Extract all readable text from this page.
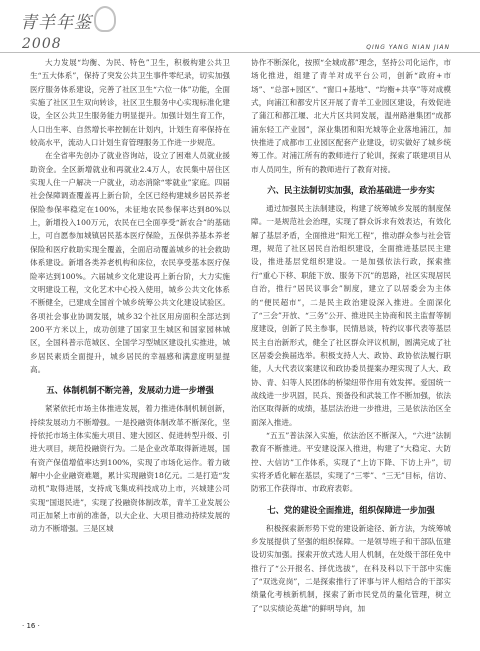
青羊年鉴
2008	QING YANG NIAN JIAN

大力发展“均衡、为民、特色”卫生，积极构建公共卫生“五大体系”，保持了突发公共卫生事件零纪录，切实加强医疗服务体系建设，完善了社区卫生“六位一体”功能，全面实施了社区卫生双向转诊，社区卫生服务中心实现标准化建设，全区公共卫生服务能力明显提升。加强计划生育工作，人口出生率、自然增长率控制在计划内，计划生育率保持在较高水平，流动人口计划生育管理服务工作进一步规范。

在全省率先创办了就业咨询站，设立了困难人员就业援助资金。全区新增就业和再就业2.4万人，农民集中居住区实现人住一户解决一户就业，动态消除“零就业”家庭。四届社会保障调查覆盖再上新台阶，全区已经构建城乡居民养老保险参保率稳定在100%，未征地农民参保率达到80%以上，新增投入100万元，农民在已全面享受“新农合”的基础上，可自愿参加城镇居民基本医疗保险，五保供养基本养老保险和医疗救助实现全覆盖，全面启动覆盖城乡的社会救助体系建设。新增各类养老机构和床位，农民享受基本医疗保险率达到100%。六届城乡文化建设再上新台阶，大力实施文明建设工程，文化艺术中心投入使用，城乡公共文化体系不断健全，已建成全国首个城乡统筹公共文化建设试验区。各项社会事业协调发展，城乡32个社区用房面积全部达到200平方米以上，成功创建了国家卫生城区和国家园林城区，全国科普示范城区、全国学习型城区建设扎实推进，城乡居民素质全面提升，城乡居民的幸福感和满意度明显提高。

五、体制机制不断完善，发展动力进一步增强

紧紧依托市场主体推进发展，着力推进体制机制创新，持续发展动力不断增强。一是投融资体制改革不断深化，坚持依托市场主体实施大项目、建大园区、促进转型升级、引进大项目，规范投融资行为。二是企业改革取得新进展，国有资产保值增值率达到100%，实现了市场化运作。着力破解中小企业融资难题，累计实现融资18亿元。二是打造“发动机”取得进展，支持成飞集成科技成功上市，兴城建公司实现“国退民进”，实现了投融资体制改革，青羊工业发展公司正加紧上市前的准备，以大企业、大项目推动持续发展的动力不断增强。三是区城

协作不断深化，按照“全城成都”理念，坚持公司化运作，市场化推进，组建了青羊对成平台公司，创新“政府+市场”、“总部+园区”、“窗口+基地”、“均衡+共享”等对成模式，向浦江和都安片区开展了青羊工业园区建设，有效促进了蒲江和都江堰、北大片区共同发展，温州路港集团“成都浦东轻工产业园”，深业集团和阳光城等企业落地浦江，加快推进了成都市工业园区配套产业建设，切实做好了城乡统筹工作。对浦江所有的教师进行了轮训，探索了联建项目从市人员同生，所有的教师进行了教育对接。

六、民主法制切实加强，政治基础进一步夯实

通过加强民主法制建设，构建了统筹城乡发展的制度保障。一是规范社会治理，实现了群众诉求有效表达，有效化解了基层矛盾，全面推进“阳光工程”，推动群众参与社会管理，规范了社区居民自治组织建设，全面推进基层民主建设，推进基层党组织建设。一是加强依法行政，探索推行“重心下移、职能下放、服务下沉”的思路，社区实现居民自治，推行“居民议事会”制度，建立了以居委会为主体的“便民超市”，二是民主政治建设深入推进。全面深化了“三会”开放、“三务”公开、推进民主协商和民主监督等制度建设，创新了民主参事，民情恳谈，特约议事代表等基层民主自治新形式，健全了社区群众评议机制，圆满完成了社区居委会换届选举。积极支持人大、政协、政协依法履行职能，人大代表议案建议和政协委员提案办理实现了人大、政协、青、妇等人民团体的桥梁纽带作用有效发挥。爱国统一战线进一步巩固，民兵、预备役和武装工作不断加强，依法治区取得新的成绩，基层法治进一步推进，三是依法治区全面深入推进。

“五五”普法深入实施，依法治区不断深入，“六进”法制教育不断推进。平安建设深入推进，构建了“大稳定、大防控、大信访”工作体系，实现了“上访下降、下访上升”，切实将矛盾化解在基层，实现了“三零”、“三无”目标，信访、防邪工作获得市、市政府表彰。

七、党的建设全面推进，组织保障进一步加强

积极探索新形势下党的建设新途径、新方法，为统筹城乡发展提供了坚强的组织保障。一是领导班子和干部队伍建设切实加强。探索开放式选人用人机制，在处级干部任免中推行了“公开报名、择优选拔”，在科及科以下干部中实施了“双选竞岗”，二是探索推行了评事与评人相结合的干部实绩量化考核新机制，探索了新市民党员的量化管理，树立了“以实绩论英雄”的鲜明导向，加

· 16 ·
